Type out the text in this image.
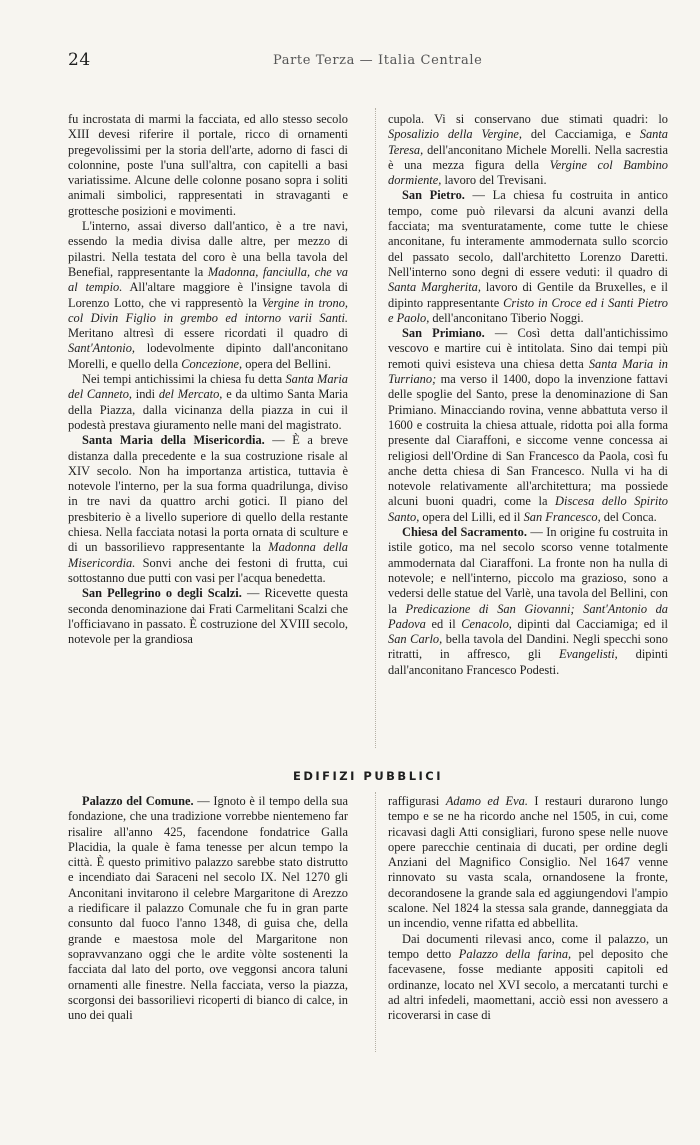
24	Parte Terza — Italia Centrale

fu incrostata di marmi la facciata, ed allo stesso secolo XIII devesi riferire il portale, ricco di ornamenti pregevolissimi per la storia dell'arte, adorno di fasci di colonnine, poste l'una sull'altra, con capitelli a basi variatissime. Alcune delle colonne posano sopra i soliti animali simbolici, rappresentati in stravaganti e grottesche posizioni e movimenti.

L'interno, assai diverso dall'antico, è a tre navi, essendo la media divisa dalle altre, per mezzo di pilastri. Nella testata del coro è una bella tavola del Benefial, rappresentante la Madonna, fanciulla, che va al tempio. All'altare maggiore è l'insigne tavola di Lorenzo Lotto, che vi rappresentò la Vergine in trono, col Divin Figlio in grembo ed intorno varii Santi. Meritano altresì di essere ricordati il quadro di Sant'Antonio, lodevolmente dipinto dall'anconitano Morelli, e quello della Concezione, opera del Bellini.

Nei tempi antichissimi la chiesa fu detta Santa Maria del Canneto, indi del Mercato, e da ultimo Santa Maria della Piazza, dalla vicinanza della piazza in cui il podestà prestava giuramento nelle mani del magistrato.

Santa Maria della Misericordia. — È a breve distanza dalla precedente e la sua costruzione risale al XIV secolo. Non ha importanza artistica, tuttavia è notevole l'interno, per la sua forma quadrilunga, diviso in tre navi da quattro archi gotici. Il piano del presbiterio è a livello superiore di quello della restante chiesa. Nella facciata notasi la porta ornata di sculture e di un bassorilievo rappresentante la Madonna della Misericordia. Sonvi anche dei festoni di frutta, cui sottostanno due putti con vasi per l'acqua benedetta.

San Pellegrino o degli Scalzi. — Ricevette questa seconda denominazione dai Frati Carmelitani Scalzi che l'officiavano in passato. È costruzione del XVIII secolo, notevole per la grandiosa

cupola. Vi si conservano due stimati quadri: lo Sposalizio della Vergine, del Cacciamiga, e Santa Teresa, dell'anconitano Michele Morelli. Nella sacrestia è una mezza figura della Vergine col Bambino dormiente, lavoro del Trevisani.

San Pietro. — La chiesa fu costruita in antico tempo, come può rilevarsi da alcuni avanzi della facciata; ma sventuratamente, come tutte le chiese anconitane, fu interamente ammodernata sullo scorcio del passato secolo, dall'architetto Lorenzo Daretti. Nell'interno sono degni di essere veduti: il quadro di Santa Margherita, lavoro di Gentile da Bruxelles, e il dipinto rappresentante Cristo in Croce ed i Santi Pietro e Paolo, dell'anconitano Tiberio Noggi.

San Primiano. — Così detta dall'antichissimo vescovo e martire cui è intitolata. Sino dai tempi più remoti quivi esisteva una chiesa detta Santa Maria in Turriano; ma verso il 1400, dopo la invenzione fattavi delle spoglie del Santo, prese la denominazione di San Primiano. Minacciando rovina, venne abbattuta verso il 1600 e costruita la chiesa attuale, ridotta poi alla forma presente dal Ciaraffoni, e siccome venne concessa ai religiosi dell'Ordine di San Francesco da Paola, così fu anche detta chiesa di San Francesco. Nulla vi ha di notevole relativamente all'architettura; ma possiede alcuni buoni quadri, come la Discesa dello Spirito Santo, opera del Lilli, ed il San Francesco, del Conca.

Chiesa del Sacramento. — In origine fu costruita in istile gotico, ma nel secolo scorso venne totalmente ammodernata dal Ciaraffoni. La fronte non ha nulla di notevole; e nell'interno, piccolo ma grazioso, sono a vedersi delle statue del Varlè, una tavola del Bellini, con la Predicazione di San Giovanni; Sant'Antonio da Padova ed il Cenacolo, dipinti dal Cacciamiga; ed il San Carlo, bella tavola del Dandini. Negli specchi sono ritratti, in affresco, gli Evangelisti, dipinti dall'anconitano Francesco Podesti.

EDIFIZI PUBBLICI

Palazzo del Comune. — Ignoto è il tempo della sua fondazione, che una tradizione vorrebbe nientemeno far risalire all'anno 425, facendone fondatrice Galla Placidia, la quale è fama tenesse per alcun tempo la città. È questo primitivo palazzo sarebbe stato distrutto e incendiato dai Saraceni nel secolo IX. Nel 1270 gli Anconitani invitarono il celebre Margaritone di Arezzo a riedificare il palazzo Comunale che fu in gran parte consunto dal fuoco l'anno 1348, di guisa che, della grande e maestosa mole del Margaritone non sopravvanzano oggi che le ardite vòlte sostenenti la facciata dal lato del porto, ove veggonsi ancora taluni ornamenti alle finestre. Nella facciata, verso la piazza, scorgonsi dei bassorilievi ricoperti di bianco di calce, in uno dei quali

raffigurasi Adamo ed Eva. I restauri durarono lungo tempo e se ne ha ricordo anche nel 1505, in cui, come ricavasi dagli Atti consigliari, furono spese nelle nuove opere parecchie centinaia di ducati, per ordine degli Anziani del Magnifico Consiglio. Nel 1647 venne rinnovato su vasta scala, ornandosene la fronte, decorandosene la grande sala ed aggiungendovi l'ampio scalone. Nel 1824 la stessa sala grande, danneggiata da un incendio, venne rifatta ed abbellita.

Dai documenti rilevasi anco, come il palazzo, un tempo detto Palazzo della farina, pel deposito che facevasene, fosse mediante appositi capitoli ed ordinanze, locato nel XVI secolo, a mercatanti turchi e ad altri infedeli, maomettani, acciò essi non avessero a ricoverarsi in case di
